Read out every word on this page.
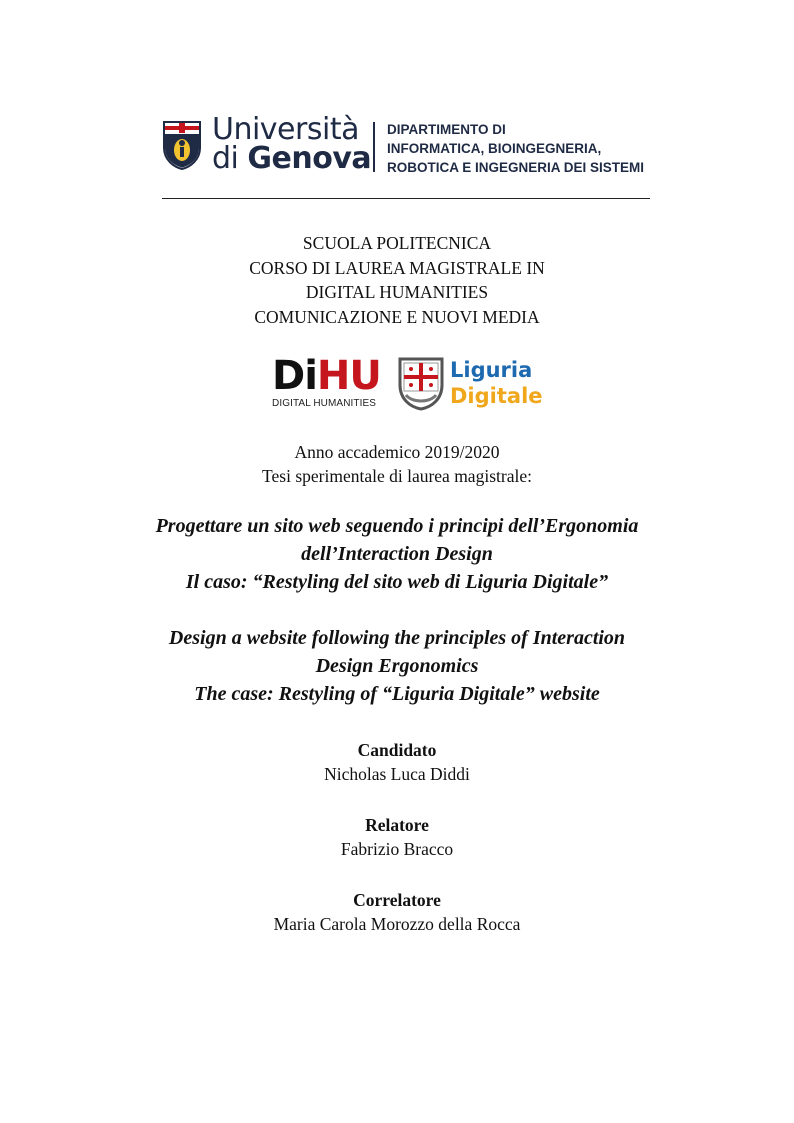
Università
di Genova
DIPARTIMENTO DI
INFORMATICA, BIOINGEGNERIA,
ROBOTICA E INGEGNERIA DEI SISTEMI
SCUOLA POLITECNICA
CORSO DI LAUREA MAGISTRALE IN
DIGITAL HUMANITIES
COMUNICAZIONE E NUOVI MEDIA
DiHU
DIGITAL HUMANITIES
Liguria
Digitale
Anno accademico 2019/2020
Tesi sperimentale di laurea magistrale:
Progettare un sito web seguendo i principi dell’Ergonomia
dell’Interaction Design
Il caso: “Restyling del sito web di Liguria Digitale”
Design a website following the principles of Interaction
Design Ergonomics
The case: Restyling of “Liguria Digitale” website
Candidato
Nicholas Luca Diddi
Relatore
Fabrizio Bracco
Correlatore
Maria Carola Morozzo della Rocca
